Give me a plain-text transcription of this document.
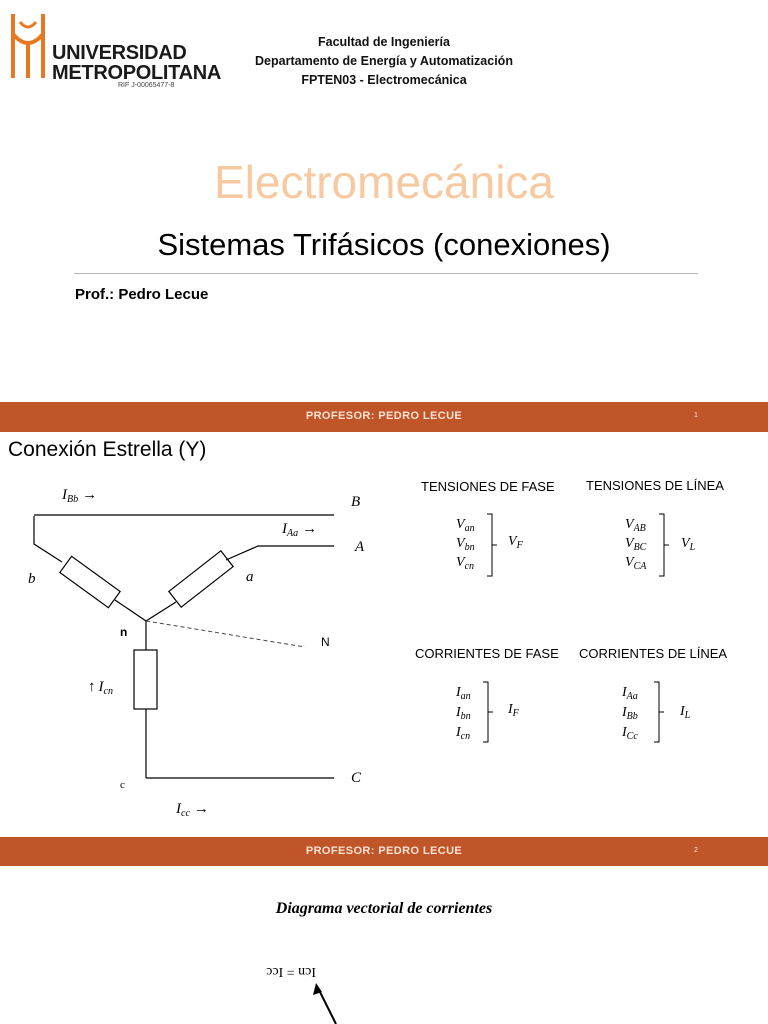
UNIVERSIDAD
METROPOLITANA
RIF J-00065477-8
Facultad de Ingeniería
Departamento de Energía y Automatización
FPTEN03 - Electromecánica
Electromecánica
Sistemas Trifásicos (conexiones)
Prof.: Pedro Lecue
PROFESOR: PEDRO LECUE	1
Conexión Estrella (Y)
$I_{Bb}$ →	B
$I_{Aa}$ →
A
b	a
n
N
↑ $I_{cn}$
c	C
$I_{cc}$ →
TENSIONES DE FASE
$V_{an}$
$V_{bn}$
$V_{cn}$
$V_F$
TENSIONES DE LÍNEA
$V_{AB}$
$V_{BC}$
$V_{CA}$
$V_L$
CORRIENTES DE FASE
$I_{an}$
$I_{bn}$
$I_{cn}$
$I_F$
CORRIENTES DE LÍNEA
$I_{Aa}$
$I_{Bb}$
$I_{Cc}$
$I_L$
PROFESOR: PEDRO LECUE	2
Diagrama vectorial de corrientes
Icn = Icc
